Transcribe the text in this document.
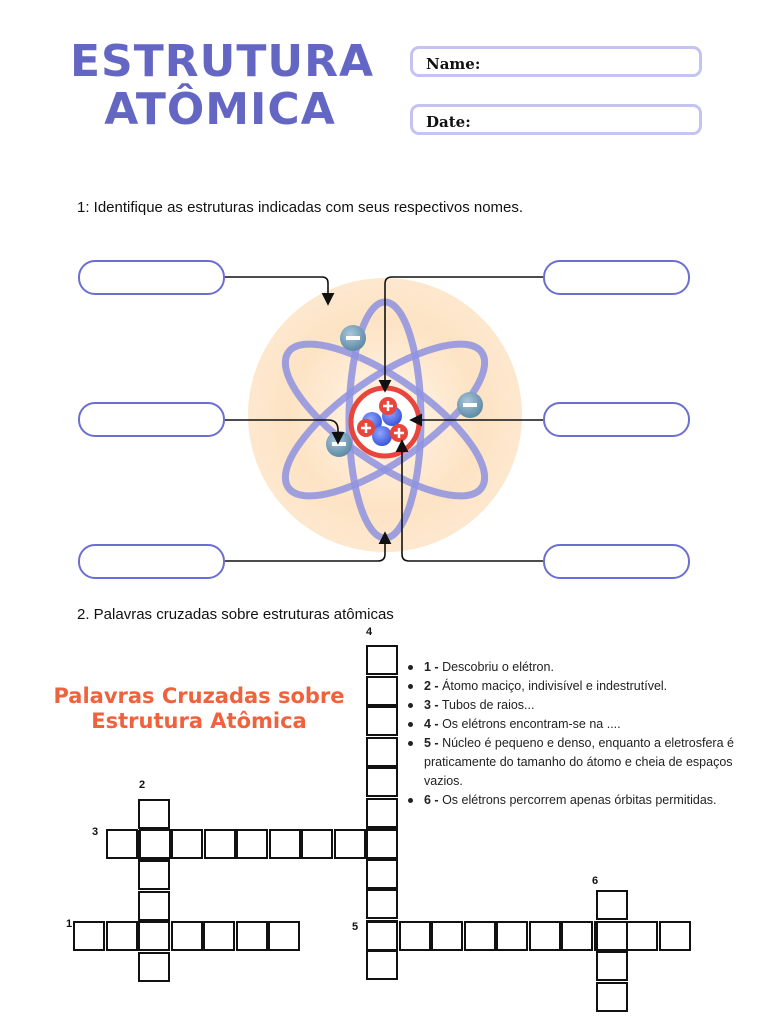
ESTRUTURA
ATÔMICA
Name:
Date:
1: Identifique as estruturas indicadas com seus respectivos nomes.
2. Palavras cruzadas sobre estruturas atômicas
Palavras Cruzadas sobre
Estrutura Atômica
1 - Descobriu o elétron.
2 - Átomo maciço, indivisível e indestrutível.
3 - Tubos de raios...
4 - Os elétrons encontram-se na ....
5 - Núcleo é pequeno e denso, enquanto a eletrosfera é praticamente do tamanho do átomo e cheia de espaços vazios.
6 - Os elétrons percorrem apenas órbitas permitidas.
4
2
3
6
1	5
